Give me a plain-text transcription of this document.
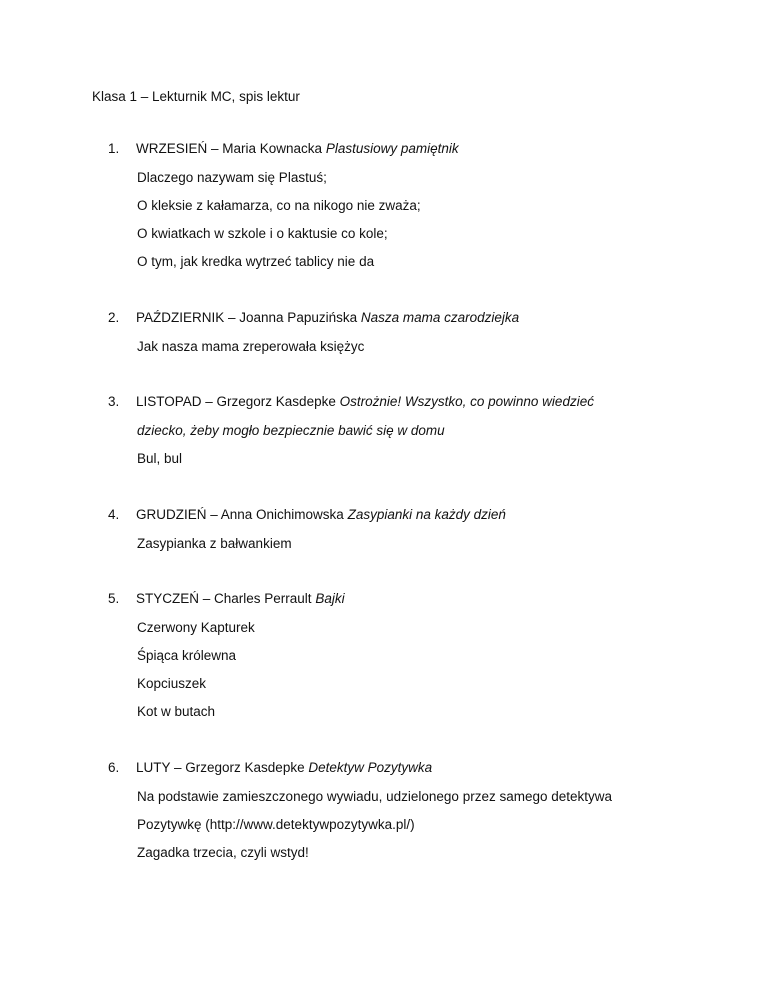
Klasa 1 – Lekturnik MC, spis lektur
1. WRZESIEŃ – Maria Kownacka Plastusiowy pamiętnik
Dlaczego nazywam się Plastuś;
O kleksie z kałamarza, co na nikogo nie zważa;
O kwiatkach w szkole i o kaktusie co kole;
O tym, jak kredka wytrzeć tablicy nie da
2. PAŹDZIERNIK – Joanna Papuzińska Nasza mama czarodziejka
Jak nasza mama zreperowała księżyc
3. LISTOPAD – Grzegorz Kasdepke Ostrożnie! Wszystko, co powinno wiedzieć
dziecko, żeby mogło bezpiecznie bawić się w domu
Bul, bul
4. GRUDZIEŃ – Anna Onichimowska Zasypianki na każdy dzień
Zasypianka z bałwankiem
5. STYCZEŃ – Charles Perrault Bajki
Czerwony Kapturek
Śpiąca królewna
Kopciuszek
Kot w butach
6. LUTY – Grzegorz Kasdepke Detektyw Pozytywka
Na podstawie zamieszczonego wywiadu, udzielonego przez samego detektywa
Pozytywkę (http://www.detektywpozytywka.pl/)
Zagadka trzecia, czyli wstyd!
